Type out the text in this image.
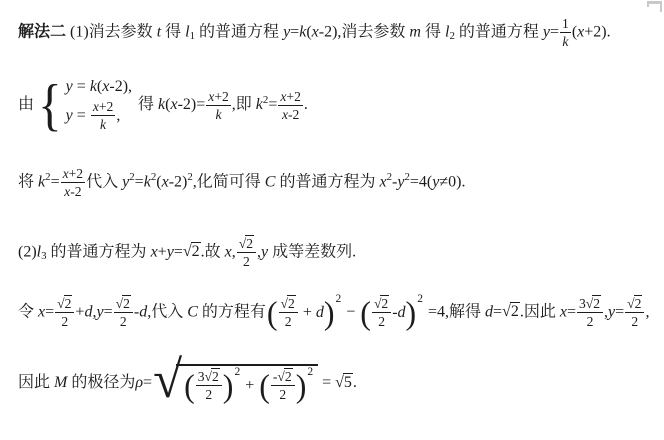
解法二 (1)消去参数 t 得 l1 的普通方程 y=k(x-2),消去参数 m 得 l2 的普通方程 $y= \frac{1}{k} (x+2)$.
由 { y = k ( x -2),
$y = \frac{x +2}{k}$ ,
得 $k(x-2)= \frac{x +2}{k}$ ,即 $k^2= \frac{x +2}{x -2}$ .
将 $k^2= \frac{x +2}{x -2}$ 代入 $y^2=k^2(x-2)^2$,化简可得 C 的普通方程为 $x^2-y^2=4(y\ne 0)$.
(2)l3 的普通方程为 x+y=√2.故 x, $\frac{√2}{2} ,y$ 成等差数列.
令 $x= \frac{√2}{2} +d,y= \frac{√2}{2} -d$,代入 C 的方程有 ( $\frac{√2}{2} + d$ ) 2
− ( $\frac{√2}{2}$ - d ) 2
=4,解得 d=√2.因此 $x= \frac{3 √2}{2} ,y= \frac{√2}{2}$ ,
因此 M 的极径为ρ= √ ( $\frac{3 √2}{2}$ ) 2
+ ( $\frac{- √2}{2}$ ) 2
= √5.
